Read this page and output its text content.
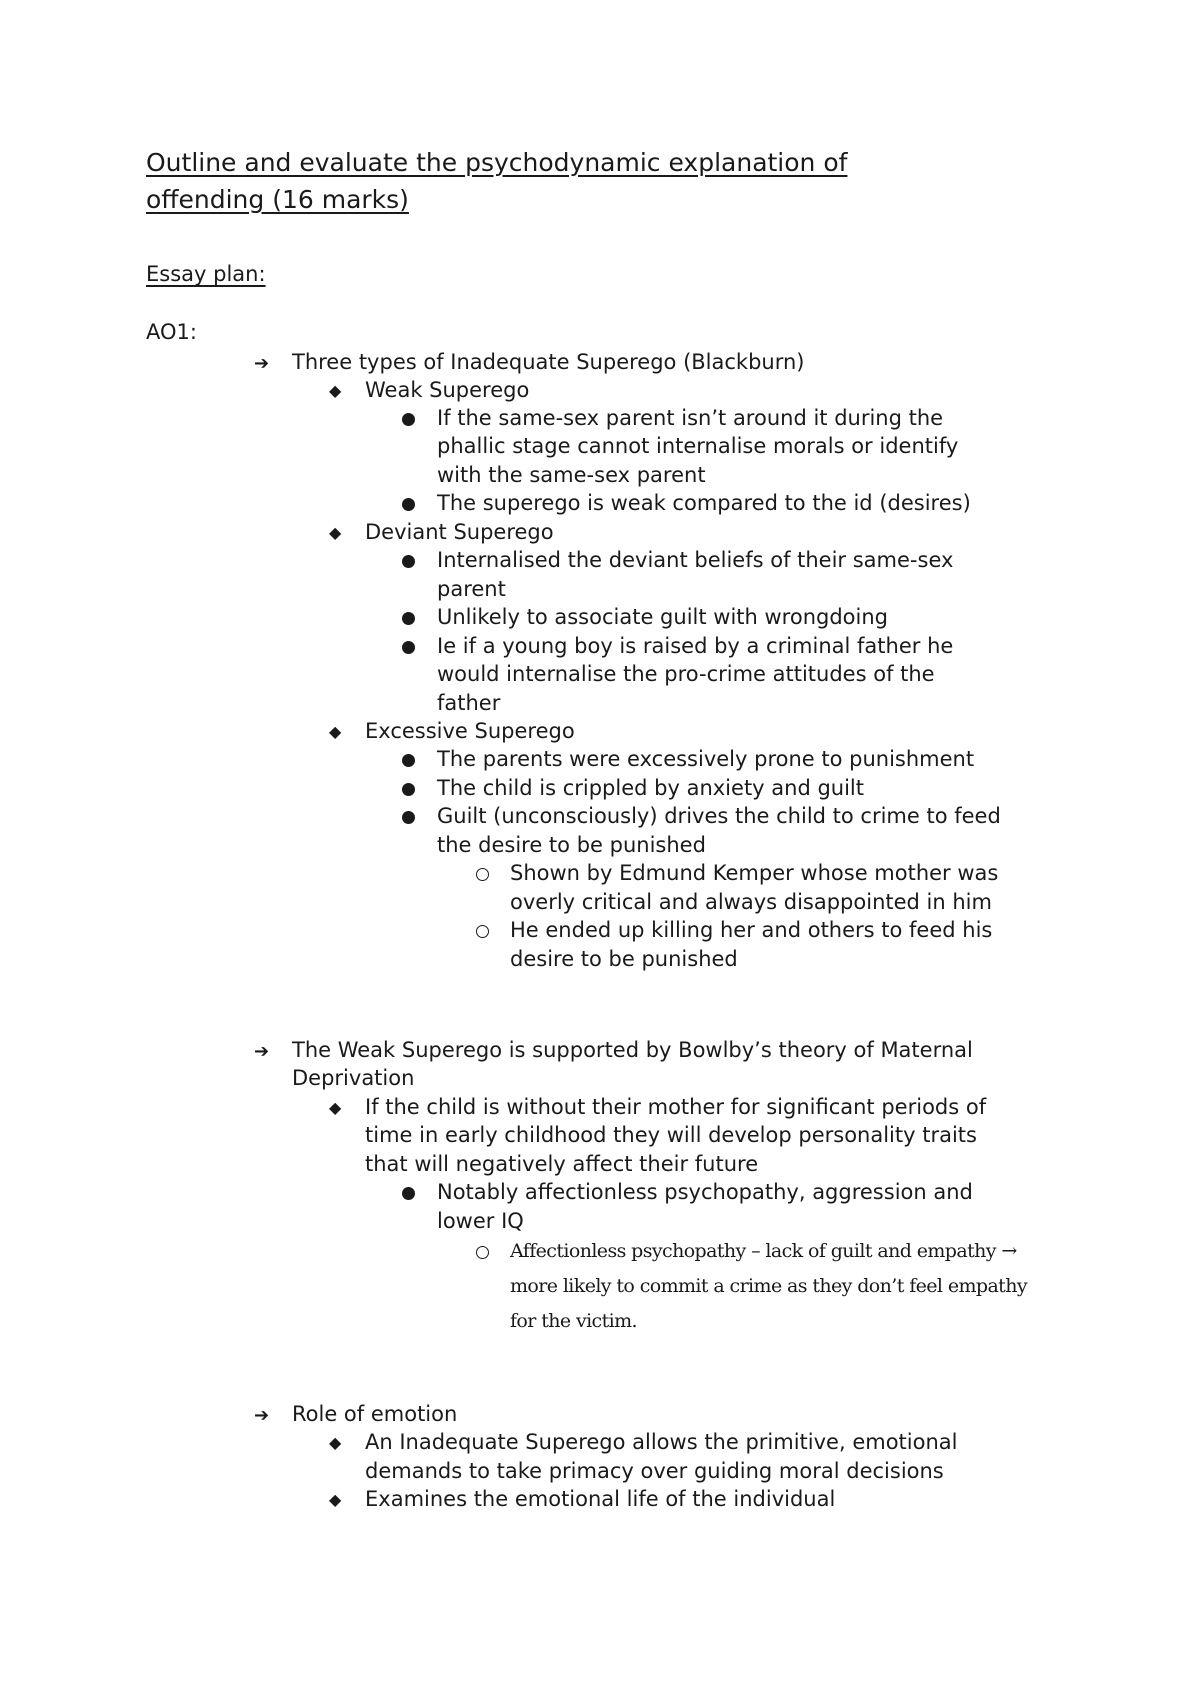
Outline and evaluate the psychodynamic explanation of
offending (16 marks)
Essay plan:
AO1:
➔ Three types of Inadequate Superego (Blackburn)
◆ Weak Superego
If the same-sex parent isn’t around it during the
phallic stage cannot internalise morals or identify
with the same-sex parent
The superego is weak compared to the id (desires)
◆ Deviant Superego
Internalised the deviant beliefs of their same-sex
parent
Unlikely to associate guilt with wrongdoing
Ie if a young boy is raised by a criminal father he
would internalise the pro-crime attitudes of the
father
◆ Excessive Superego
The parents were excessively prone to punishment
The child is crippled by anxiety and guilt
Guilt (unconsciously) drives the child to crime to feed
the desire to be punished
Shown by Edmund Kemper whose mother was
overly critical and always disappointed in him
He ended up killing her and others to feed his
desire to be punished
➔ The Weak Superego is supported by Bowlby’s theory of Maternal
Deprivation
◆ If the child is without their mother for significant periods of
time in early childhood they will develop personality traits
that will negatively affect their future
Notably affectionless psychopathy, aggression and
lower IQ
Affectionless psychopathy – lack of guilt and empathy →
more likely to commit a crime as they don’t feel empathy
for the victim.
➔ Role of emotion
◆ An Inadequate Superego allows the primitive, emotional
demands to take primacy over guiding moral decisions
◆ Examines the emotional life of the individual
